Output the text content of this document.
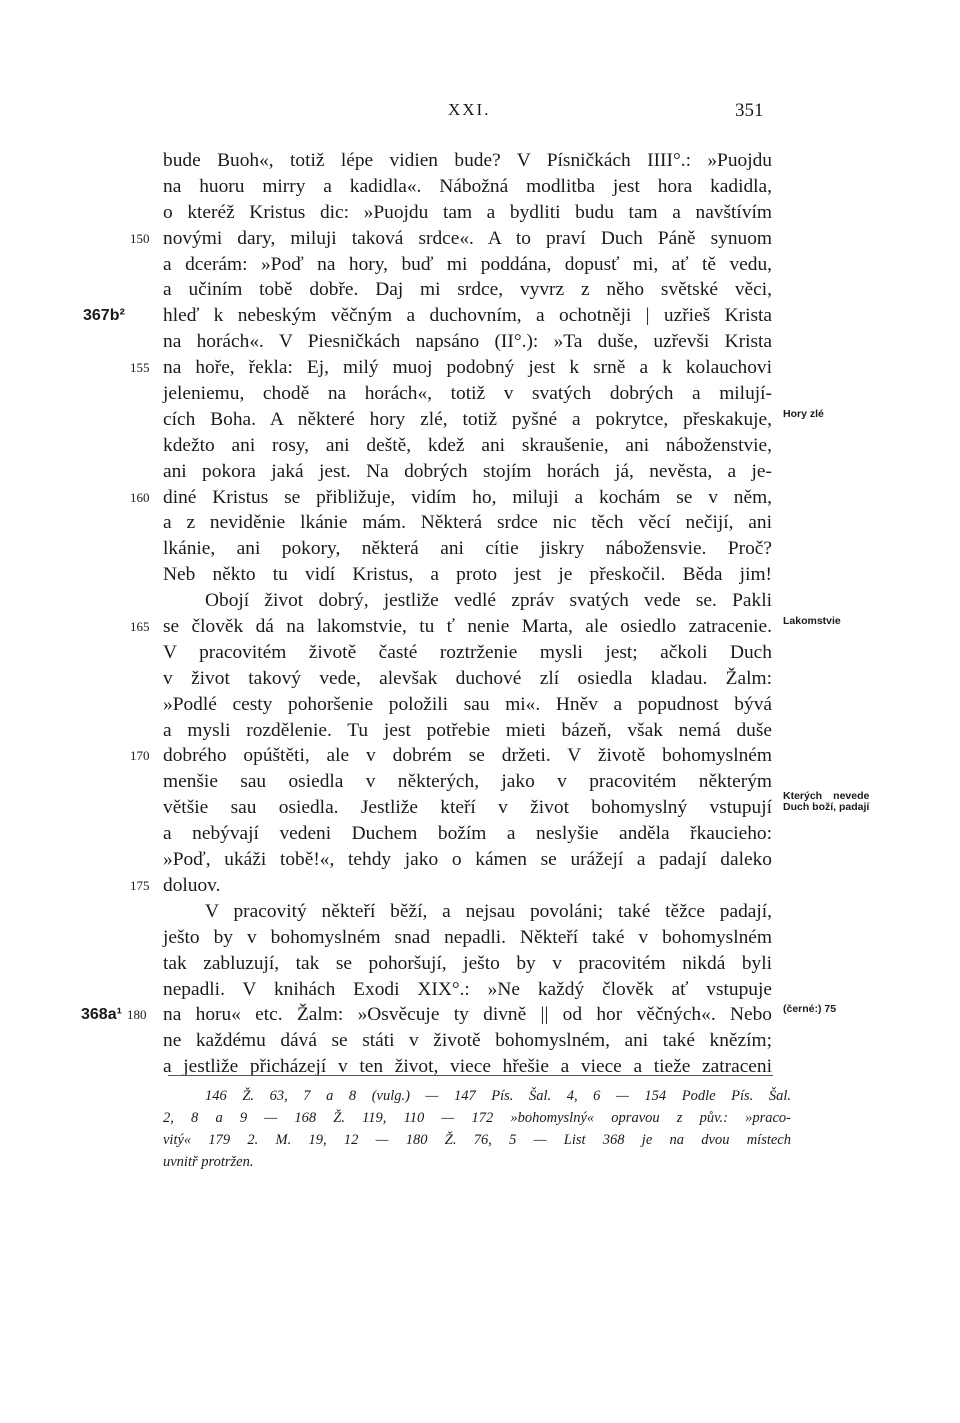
XXI.	351
bude Buoh«, totiž lépe vidien bude? V Písničkách IIII°.: »Puojdu
na huoru mirry a kadidla«. Nábožná modlitba jest hora kadidla,
o kteréž Kristus dic: »Puojdu tam a bydliti budu tam a navštívím
novými dary, miluji taková srdce«. A to praví Duch Páně synuom
150
a dcerám: »Poď na hory, buď mi poddána, dopusť mi, ať tě vedu,
a učiním tobě dobře. Daj mi srdce, vyvrz z něho světské věci,
hleď k nebeským věčným a duchovním, a ochotněji | uzřieš Krista
367b²
na horách«. V Piesničkách napsáno (II°.): »Ta duše, uzřevši Krista
na hoře, řekla: Ej, milý muoj podobný jest k srně a k kolauchovi
155
jeleniemu, chodě na horách«, totiž v svatých dobrých a milují-
cích Boha. A některé hory zlé, totiž pyšné a pokrytce, přeskakuje, Hory zlé
kdežto ani rosy, ani deště, kdež ani skraušenie, ani náboženstvie,
ani pokora jaká jest. Na dobrých stojím horách já, nevěsta, a je-
diné Kristus se přibližuje, vidím ho, miluji a kochám se v něm,
160
a z neviděnie lkánie mám. Některá srdce nic těch věcí nečijí, ani
lkánie, ani pokory, některá ani cítie jiskry nábožensvie. Proč?
Neb někto tu vidí Kristus, a proto jest je přeskočil. Běda jim!
Obojí život dobrý, jestliže vedlé zpráv svatých vede se. Pakli
se člověk dá na lakomstvie, tu ť nenie Marta, ale osiedlo zatracenie.
165	Lakomstvie
V pracovitém životě časté roztrženie mysli jest; ačkoli Duch
v život takový vede, alevšak duchové zlí osiedla kladau. Žalm:
»Podlé cesty pohoršenie položili sau mi«. Hněv a popudnost bývá
a mysli rozdělenie. Tu jest potřebie mieti bázeň, však nemá duše
dobrého opúštěti, ale v dobrém se držeti. V životě bohomyslném
170
menšie sau osiedla v některých, jako v pracovitém některým
většie sau osiedla. Jestliže kteří v život bohomyslný vstupují
Kterých nevede
Duch boží, padají
a nebývají vedeni Duchem božím a neslyšie anděla řkaucieho:
»Poď, ukáži tobě!«, tehdy jako o kámen se urážejí a padají daleko
doluov.
175
V pracovitý někteří běží, a nejsau povoláni; také těžce padají,
ješto by v bohomyslném snad nepadli. Někteří také v bohomyslném
tak zabluzují, tak se pohoršují, ješto by v pracovitém nikdá byli
nepadli. V knihách Exodi XIX°.: »Ne každý člověk ať vstupuje
na horu« etc. Žalm: »Osvěcuje ty divně || od hor věčných«. Nebo
180
368a¹	(černé:) 75
ne každému dává se státi v životě bohomyslném, ani také knězím;
a jestliže přicházejí v ten život, viece hřešie a viece a tieže zatraceni
146 Ž. 63, 7 a 8 (vulg.) — 147 Pís. Šal. 4, 6 — 154 Podle Pís. Šal.
2, 8 a 9 — 168 Ž. 119, 110 — 172 »bohomyslný« opravou z pův.: »praco-
vitý« 179 2. M. 19, 12 — 180 Ž. 76, 5 — List 368 je na dvou místech
uvnitř protržen.
